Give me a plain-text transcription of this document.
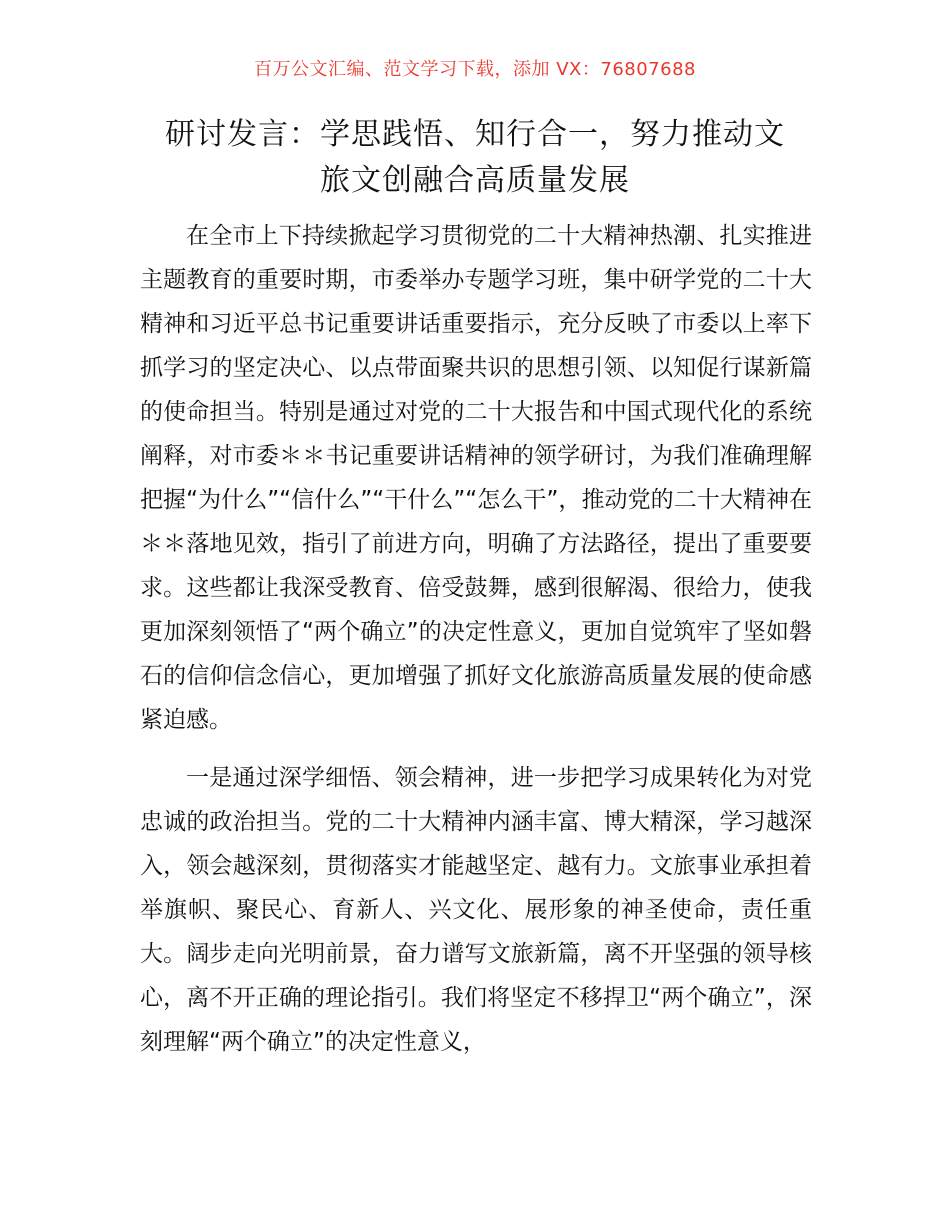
百万公文汇编、范文学习下载，添加 VX：76807688
研讨发言：学思践悟、知行合一，努力推动文
旅文创融合高质量发展

在全市上下持续掀起学习贯彻党的二十大精神热潮、扎实推进主题教育的重要时期，市委举办专题学习班，集中研学党的二十大精神和习近平总书记重要讲话重要指示，充分反映了市委以上率下抓学习的坚定决心、以点带面聚共识的思想引领、以知促行谋新篇的使命担当。特别是通过对党的二十大报告和中国式现代化的系统阐释，对市委＊＊书记重要讲话精神的领学研讨，为我们准确理解把握“为什么”“信什么”“干什么”“怎么干”，推动党的二十大精神在＊＊落地见效，指引了前进方向，明确了方法路径，提出了重要要求。这些都让我深受教育、倍受鼓舞，感到很解渴、很给力，使我更加深刻领悟了“两个确立”的决定性意义，更加自觉筑牢了坚如磐石的信仰信念信心，更加增强了抓好文化旅游高质量发展的使命感紧迫感。

一是通过深学细悟、领会精神，进一步把学习成果转化为对党忠诚的政治担当。党的二十大精神内涵丰富、博大精深，学习越深入，领会越深刻，贯彻落实才能越坚定、越有力。文旅事业承担着举旗帜、聚民心、育新人、兴文化、展形象的神圣使命，责任重大。阔步走向光明前景，奋力谱写文旅新篇，离不开坚强的领导核心，离不开正确的理论指引。我们将坚定不移捍卫“两个确立”，深刻理解“两个确立”的决定性意义，
